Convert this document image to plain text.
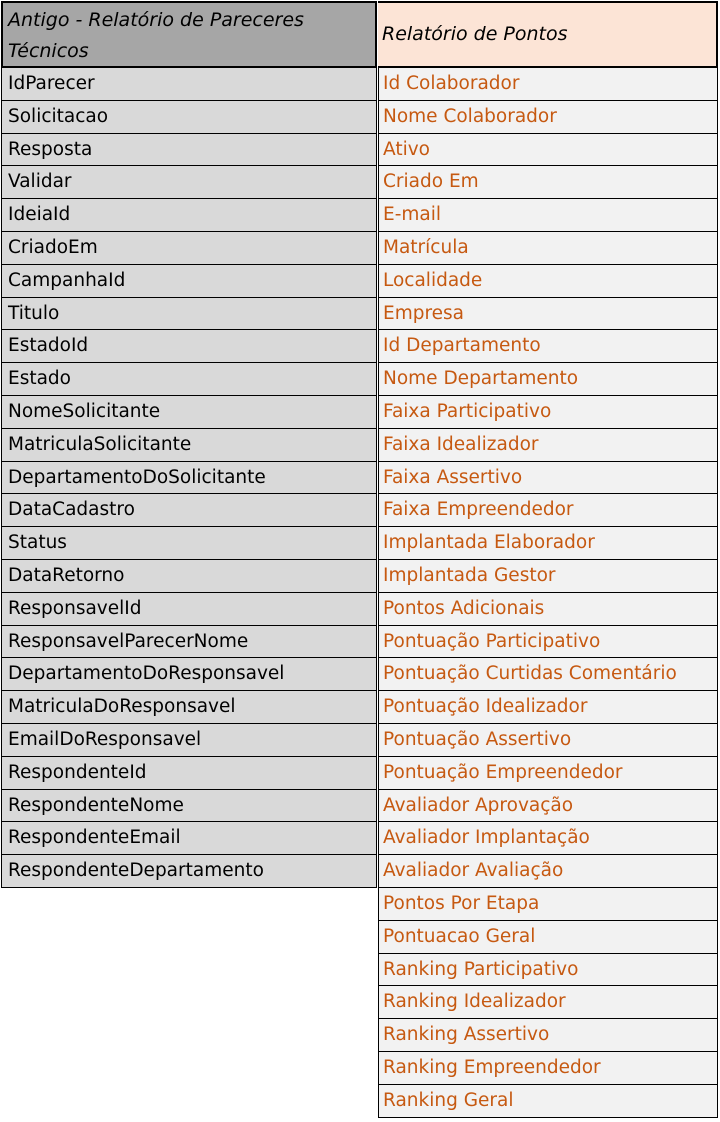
Antigo - Relatório de Pareceres Técnicos
IdParecer
Solicitacao
Resposta
Validar
IdeiaId
CriadoEm
CampanhaId
Titulo
EstadoId
Estado
NomeSolicitante
MatriculaSolicitante
DepartamentoDoSolicitante
DataCadastro
Status
DataRetorno
ResponsavelId
ResponsavelParecerNome
DepartamentoDoResponsavel
MatriculaDoResponsavel
EmailDoResponsavel
RespondenteId
RespondenteNome
RespondenteEmail
RespondenteDepartamento
Relatório de Pontos
Id Colaborador
Nome Colaborador
Ativo
Criado Em
E-mail
Matrícula
Localidade
Empresa
Id Departamento
Nome Departamento
Faixa Participativo
Faixa Idealizador
Faixa Assertivo
Faixa Empreendedor
Implantada Elaborador
Implantada Gestor
Pontos Adicionais
Pontuação Participativo
Pontuação Curtidas Comentário
Pontuação Idealizador
Pontuação Assertivo
Pontuação Empreendedor
Avaliador Aprovação
Avaliador Implantação
Avaliador Avaliação
Pontos Por Etapa
Pontuacao Geral
Ranking Participativo
Ranking Idealizador
Ranking Assertivo
Ranking Empreendedor
Ranking Geral
